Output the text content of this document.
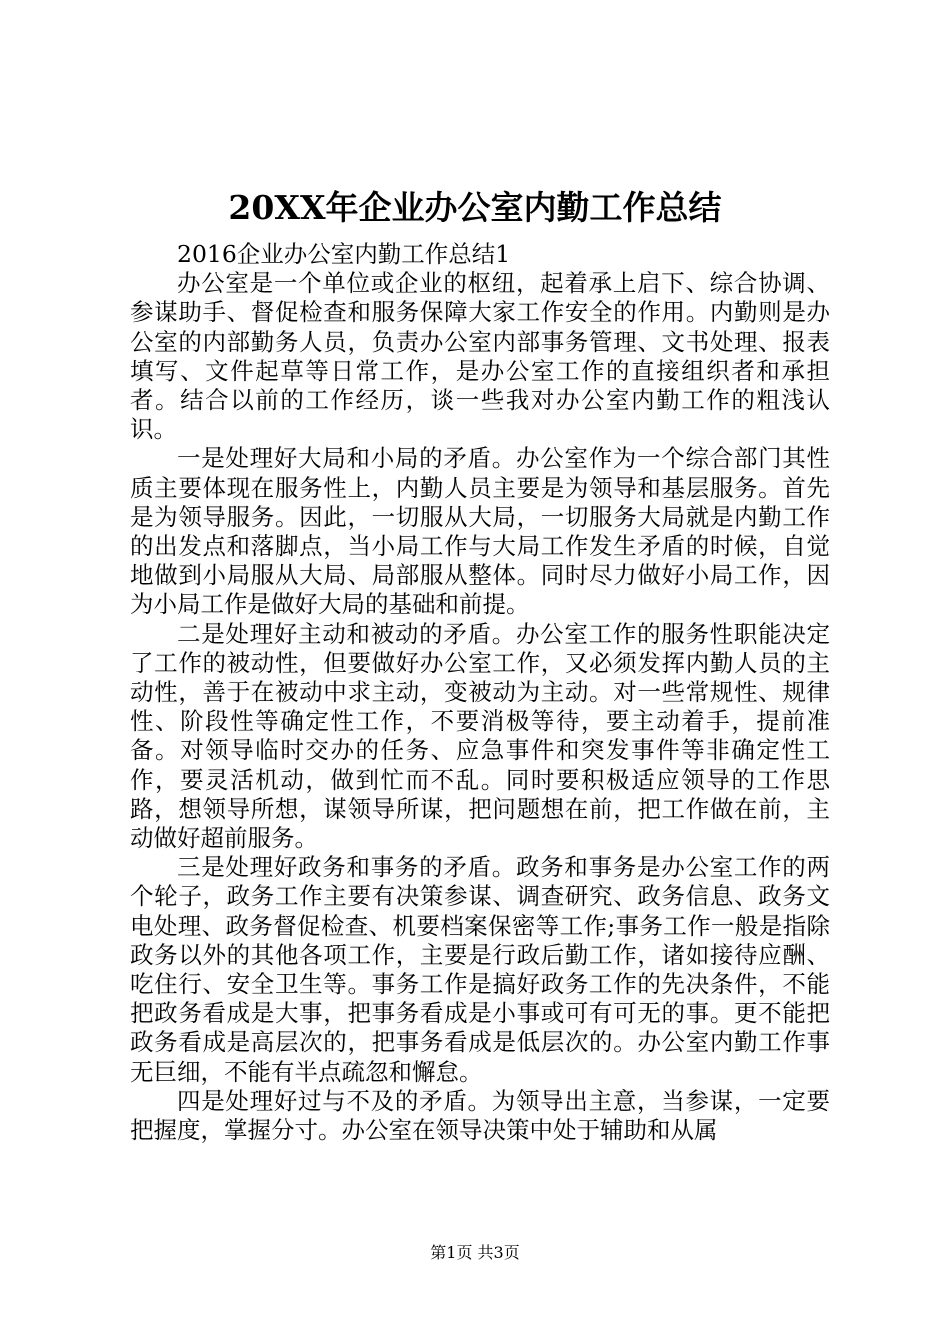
20XX年企业办公室内勤工作总结

2016企业办公室内勤工作总结1

办公室是一个单位或企业的枢纽，起着承上启下、综合协调、参谋助手、督促检查和服务保障大家工作安全的作用。内勤则是办公室的内部勤务人员，负责办公室内部事务管理、文书处理、报表填写、文件起草等日常工作，是办公室工作的直接组织者和承担者。结合以前的工作经历，谈一些我对办公室内勤工作的粗浅认识。

一是处理好大局和小局的矛盾。办公室作为一个综合部门其性质主要体现在服务性上，内勤人员主要是为领导和基层服务。首先是为领导服务。因此，一切服从大局，一切服务大局就是内勤工作的出发点和落脚点，当小局工作与大局工作发生矛盾的时候，自觉地做到小局服从大局、局部服从整体。同时尽力做好小局工作，因为小局工作是做好大局的基础和前提。

二是处理好主动和被动的矛盾。办公室工作的服务性职能决定了工作的被动性，但要做好办公室工作，又必须发挥内勤人员的主动性，善于在被动中求主动，变被动为主动。对一些常规性、规律性、阶段性等确定性工作，不要消极等待，要主动着手，提前准备。对领导临时交办的任务、应急事件和突发事件等非确定性工作，要灵活机动，做到忙而不乱。同时要积极适应领导的工作思路，想领导所想，谋领导所谋，把问题想在前，把工作做在前，主动做好超前服务。

三是处理好政务和事务的矛盾。政务和事务是办公室工作的两个轮子，政务工作主要有决策参谋、调查研究、政务信息、政务文电处理、政务督促检查、机要档案保密等工作;事务工作一般是指除政务以外的其他各项工作，主要是行政后勤工作，诸如接待应酬、吃住行、安全卫生等。事务工作是搞好政务工作的先决条件，不能把政务看成是大事，把事务看成是小事或可有可无的事。更不能把政务看成是高层次的，把事务看成是低层次的。办公室内勤工作事无巨细，不能有半点疏忽和懈怠。

四是处理好过与不及的矛盾。为领导出主意，当参谋，一定要把握度，掌握分寸。办公室在领导决策中处于辅助和从属

第1页 共3页
